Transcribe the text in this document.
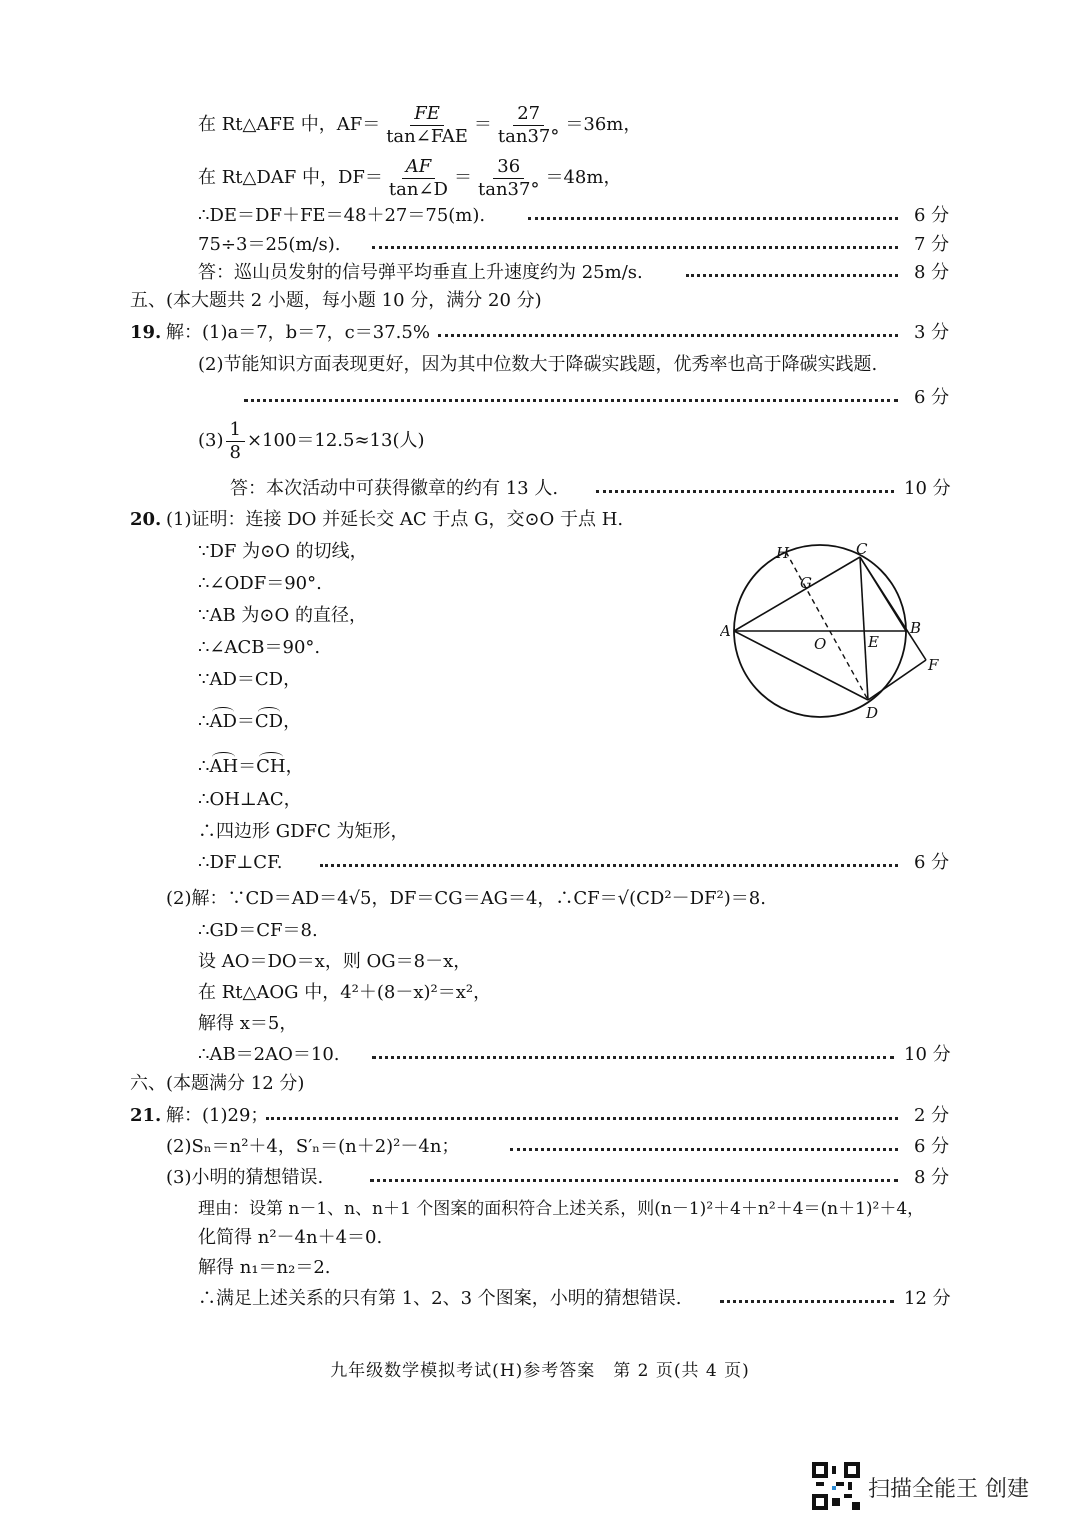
在 Rt△AFE 中，$AF= \frac{FE}{\text{tan∠FAE}} = \frac{27}{\tan 37^\circ} =36m$，
在 Rt△DAF 中，$DF= \frac{AF}{\tan\angle D} = \frac{36}{\tan 37^\circ} =48m$，
∴DE＝DF＋FE＝48＋27＝75(m).	6 分
75÷3＝25(m/s).	7 分
答：巡山员发射的信号弹平均垂直上升速度约为 25m/s.	8 分
五、(本大题共 2 小题，每小题 10 分，满分 20 分)
19. 解：(1)a＝7，b＝7，c＝37.5%	3 分
(2)节能知识方面表现更好，因为其中位数大于降碳实践题，优秀率也高于降碳实践题.
6 分
$(3) \frac{1}{8} \times 100=12.5\approx 13$(人)
答：本次活动中可获得徽章的约有 13 人.	10 分
20. (1)证明：连接 DO 并延长交 AC 于点 G，交⊙O 于点 H.
∵DF 为⊙O 的切线，
∴∠ODF＝90°.
∵AB 为⊙O 的直径，
∴∠ACB＝90°.
∵AD＝CD，
∴AD＝CD，
∴AH＝CH，
∴OH⊥AC，
∴四边形 GDFC 为矩形，
∴DF⊥CF.	6 分
(2)解：∵CD＝AD＝4√5，DF＝CG＝AG＝4，∴CF＝√(CD²－DF²)＝8.
∴GD＝CF＝8.
设 AO＝DO＝x，则 OG＝8－x，
在 Rt△AOG 中，4²＋(8－x)²＝x²，
解得 x＝5，
∴AB＝2AO＝10.	10 分
H	C
G
A
O	E
B
F
D
六、(本题满分 12 分)
21. 解：(1)29；	2 分
(2)Sₙ＝n²＋4，S′ₙ＝(n＋2)²－4n；	6 分
(3)小明的猜想错误.	8 分
理由：设第 n－1、n、n＋1 个图案的面积符合上述关系，则(n－1)²＋4＋n²＋4＝(n＋1)²＋4，
化简得 n²－4n＋4＝0.
解得 n₁＝n₂＝2.
∴满足上述关系的只有第 1、2、3 个图案，小明的猜想错误.	12 分
九年级数学模拟考试(H)参考答案　第 2 页(共 4 页)
扫描全能王 创建
